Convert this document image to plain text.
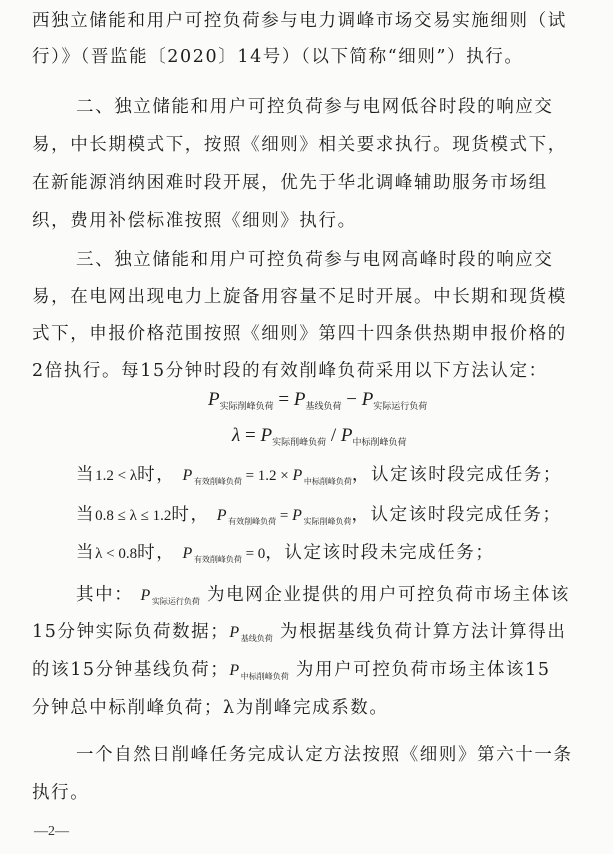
西独立储能和用户可控负荷参与电力调峰市场交易实施细则（试
行）》（晋监能〔2020〕14号）（以下简称“细则”）执行。
二、独立储能和用户可控负荷参与电网低谷时段的响应交
易，中长期模式下，按照《细则》相关要求执行。现货模式下，
在新能源消纳困难时段开展，优先于华北调峰辅助服务市场组
织，费用补偿标准按照《细则》执行。
三、独立储能和用户可控负荷参与电网高峰时段的响应交
易，在电网出现电力上旋备用容量不足时开展。中长期和现货模
式下，申报价格范围按照《细则》第四十四条供热期申报价格的
2倍执行。每15分钟时段的有效削峰负荷采用以下方法认定：
$P_{实际削峰负荷} = P_{基线负荷} - P_{实际运行负荷}$
$\lambda = P_{实际削峰负荷} / P_{中标削峰负荷}$
当1.2 < λ时， $P_{有效削峰负荷} = 1.2 \times P_{中标削峰负荷}$，认定该时段完成任务；
当0.8 ≤ λ ≤ 1.2时， $P_{有效削峰负荷} = P_{实际削峰负荷}$，认定该时段完成任务；
当λ < 0.8时， $P_{有效削峰负荷} = 0$，认定该时段未完成任务；
其中： $P_{实际运行负荷}$ 为电网企业提供的用户可控负荷市场主体该
15分钟实际负荷数据；$P_{基线负荷}$ 为根据基线负荷计算方法计算得出
的该15分钟基线负荷；$P_{中标削峰负荷}$ 为用户可控负荷市场主体该15
分钟总中标削峰负荷；λ为削峰完成系数。
一个自然日削峰任务完成认定方法按照《细则》第六十一条
执行。
—2—
